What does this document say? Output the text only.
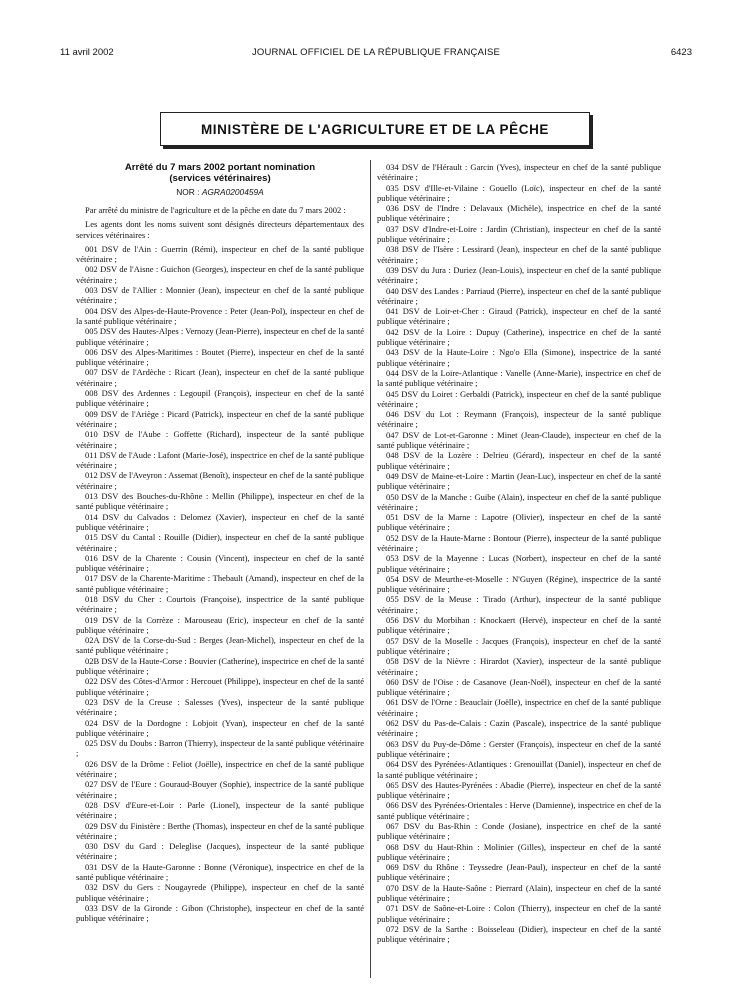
11 avril 2002	JOURNAL OFFICIEL DE LA RÉPUBLIQUE FRANÇAISE	6423
MINISTÈRE DE L'AGRICULTURE ET DE LA PÊCHE
Arrêté du 7 mars 2002 portant nomination
(services vétérinaires)
NOR : AGRA0200459A

Par arrêté du ministre de l'agriculture et de la pêche en date du 7 mars 2002 :

Les agents dont les noms suivent sont désignés directeurs départementaux des services vétérinaires :

001 DSV de l'Ain : Guerrin (Rémi), inspecteur en chef de la santé publique vétérinaire ;

002 DSV de l'Aisne : Guichon (Georges), inspecteur en chef de la santé publique vétérinaire ;

003 DSV de l'Allier : Monnier (Jean), inspecteur en chef de la santé publique vétérinaire ;

004 DSV des Alpes-de-Haute-Provence : Peter (Jean-Pol), inspecteur en chef de la santé publique vétérinaire ;

005 DSV des Hautes-Alpes : Vernozy (Jean-Pierre), inspecteur en chef de la santé publique vétérinaire ;

006 DSV des Alpes-Maritimes : Boutet (Pierre), inspecteur en chef de la santé publique vétérinaire ;

007 DSV de l'Ardèche : Ricart (Jean), inspecteur en chef de la santé publique vétérinaire ;

008 DSV des Ardennes : Legoupil (François), inspecteur en chef de la santé publique vétérinaire ;

009 DSV de l'Ariège : Picard (Patrick), inspecteur en chef de la santé publique vétérinaire ;

010 DSV de l'Aube : Goffette (Richard), inspecteur de la santé publique vétérinaire ;

011 DSV de l'Aude : Lafont (Marie-José), inspectrice en chef de la santé publique vétérinaire ;

012 DSV de l'Aveyron : Assemat (Benoît), inspecteur en chef de la santé publique vétérinaire ;

013 DSV des Bouches-du-Rhône : Mellin (Philippe), inspecteur en chef de la santé publique vétérinaire ;

014 DSV du Calvados : Delomez (Xavier), inspecteur en chef de la santé publique vétérinaire ;

015 DSV du Cantal : Rouille (Didier), inspecteur en chef de la santé publique vétérinaire ;

016 DSV de la Charente : Cousin (Vincent), inspecteur en chef de la santé publique vétérinaire ;

017 DSV de la Charente-Maritime : Thebault (Amand), inspecteur en chef de la santé publique vétérinaire ;

018 DSV du Cher : Courtois (Françoise), inspectrice de la santé publique vétérinaire ;

019 DSV de la Corrèze : Marouseau (Eric), inspecteur en chef de la santé publique vétérinaire ;

02A DSV de la Corse-du-Sud : Berges (Jean-Michel), inspecteur en chef de la santé publique vétérinaire ;

02B DSV de la Haute-Corse : Bouvier (Catherine), inspectrice en chef de la santé publique vétérinaire ;

022 DSV des Côtes-d'Armor : Hercouet (Philippe), inspecteur en chef de la santé publique vétérinaire ;

023 DSV de la Creuse : Salesses (Yves), inspecteur de la santé publique vétérinaire ;

024 DSV de la Dordogne : Lobjoit (Yvan), inspecteur en chef de la santé publique vétérinaire ;

025 DSV du Doubs : Barron (Thierry), inspecteur de la santé publique vétérinaire ;

026 DSV de la Drôme : Feliot (Joëlle), inspectrice en chef de la santé publique vétérinaire ;

027 DSV de l'Eure : Gouraud-Bouyer (Sophie), inspectrice de la santé publique vétérinaire ;

028 DSV d'Eure-et-Loir : Parle (Lionel), inspecteur de la santé publique vétérinaire ;

029 DSV du Finistère : Berthe (Thomas), inspecteur en chef de la santé publique vétérinaire ;

030 DSV du Gard : Deleglise (Jacques), inspecteur de la santé publique vétérinaire ;

031 DSV de la Haute-Garonne : Bonne (Véronique), inspectrice en chef de la santé publique vétérinaire ;

032 DSV du Gers : Nougayrede (Philippe), inspecteur en chef de la santé publique vétérinaire ;

033 DSV de la Gironde : Gibon (Christophe), inspecteur en chef de la santé publique vétérinaire ;

034 DSV de l'Hérault : Garcin (Yves), inspecteur en chef de la santé publique vétérinaire ;

035 DSV d'Ille-et-Vilaine : Gouello (Loïc), inspecteur en chef de la santé publique vétérinaire ;

036 DSV de l'Indre : Delavaux (Michèle), inspectrice en chef de la santé publique vétérinaire ;

037 DSV d'Indre-et-Loire : Jardin (Christian), inspecteur en chef de la santé publique vétérinaire ;

038 DSV de l'Isère : Lessirard (Jean), inspecteur en chef de la santé publique vétérinaire ;

039 DSV du Jura : Duriez (Jean-Louis), inspecteur en chef de la santé publique vétérinaire ;

040 DSV des Landes : Parriaud (Pierre), inspecteur en chef de la santé publique vétérinaire ;

041 DSV de Loir-et-Cher : Giraud (Patrick), inspecteur en chef de la santé publique vétérinaire ;

042 DSV de la Loire : Dupuy (Catherine), inspectrice en chef de la santé publique vétérinaire ;

043 DSV de la Haute-Loire : Ngo'o Ella (Simone), inspectrice de la santé publique vétérinaire ;

044 DSV de la Loire-Atlantique : Vanelle (Anne-Marie), inspectrice en chef de la santé publique vétérinaire ;

045 DSV du Loiret : Gerbaldi (Patrick), inspecteur en chef de la santé publique vétérinaire ;

046 DSV du Lot : Reymann (François), inspecteur de la santé publique vétérinaire ;

047 DSV de Lot-et-Garonne : Minet (Jean-Claude), inspecteur en chef de la santé publique vétérinaire ;

048 DSV de la Lozère : Delrieu (Gérard), inspecteur en chef de la santé publique vétérinaire ;

049 DSV de Maine-et-Loire : Martin (Jean-Luc), inspecteur en chef de la santé publique vétérinaire ;

050 DSV de la Manche : Guibe (Alain), inspecteur en chef de la santé publique vétérinaire ;

051 DSV de la Marne : Lapotre (Olivier), inspecteur en chef de la santé publique vétérinaire ;

052 DSV de la Haute-Marne : Bontour (Pierre), inspecteur de la santé publique vétérinaire ;

053 DSV de la Mayenne : Lucas (Norbert), inspecteur en chef de la santé publique vétérinaire ;

054 DSV de Meurthe-et-Moselle : N'Guyen (Régine), inspectrice de la santé publique vétérinaire ;

055 DSV de la Meuse : Tirado (Arthur), inspecteur de la santé publique vétérinaire ;

056 DSV du Morbihan : Knockaert (Hervé), inspecteur en chef de la santé publique vétérinaire ;

057 DSV de la Moselle : Jacques (François), inspecteur en chef de la santé publique vétérinaire ;

058 DSV de la Nièvre : Hirardot (Xavier), inspecteur de la santé publique vétérinaire ;

060 DSV de l'Oise : de Casanove (Jean-Noël), inspecteur en chef de la santé publique vétérinaire ;

061 DSV de l'Orne : Beauclair (Joëlle), inspectrice en chef de la santé publique vétérinaire ;

062 DSV du Pas-de-Calais : Cazin (Pascale), inspectrice de la santé publique vétérinaire ;

063 DSV du Puy-de-Dôme : Gerster (François), inspecteur en chef de la santé publique vétérinaire ;

064 DSV des Pyrénées-Atlantiques : Grenouillat (Daniel), inspecteur en chef de la santé publique vétérinaire ;

065 DSV des Hautes-Pyrénées : Abadie (Pierre), inspecteur en chef de la santé publique vétérinaire ;

066 DSV des Pyrénées-Orientales : Herve (Damienne), inspectrice en chef de la santé publique vétérinaire ;

067 DSV du Bas-Rhin : Conde (Josiane), inspectrice en chef de la santé publique vétérinaire ;

068 DSV du Haut-Rhin : Molinier (Gilles), inspecteur en chef de la santé publique vétérinaire ;

069 DSV du Rhône : Teyssedre (Jean-Paul), inspecteur en chef de la santé publique vétérinaire ;

070 DSV de la Haute-Saône : Pierrard (Alain), inspecteur en chef de la santé publique vétérinaire ;

071 DSV de Saône-et-Loire : Colon (Thierry), inspecteur en chef de la santé publique vétérinaire ;

072 DSV de la Sarthe : Boisseleau (Didier), inspecteur en chef de la santé publique vétérinaire ;
